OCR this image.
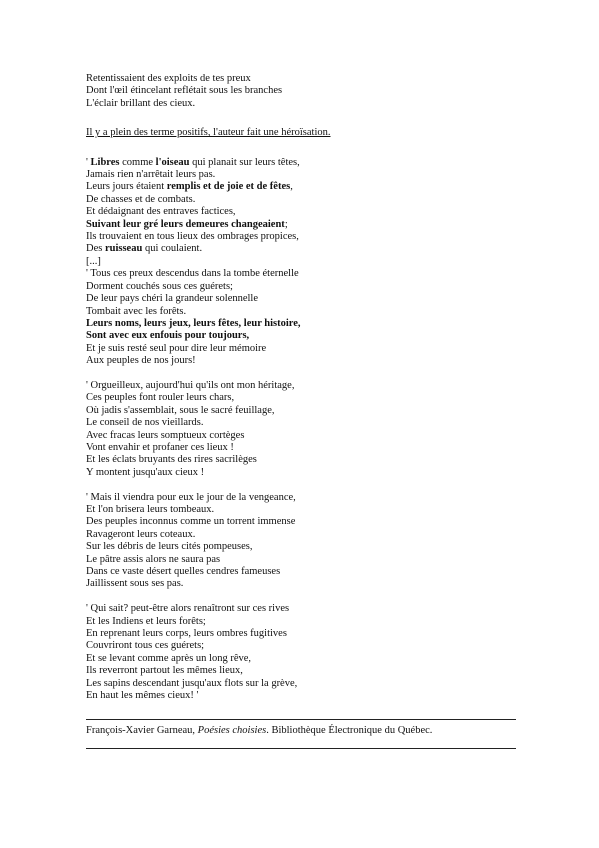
Retentissaient des exploits de tes preux
Dont l'œil étincelant reflétait sous les branches
L'éclair brillant des cieux.
Il y a plein des terme positifs, l'auteur fait une héroïsation.
' Libres comme l'oiseau qui planait sur leurs têtes,
Jamais rien n'arrêtait leurs pas.
Leurs jours étaient remplis et de joie et de fêtes,
De chasses et de combats.
Et dédaignant des entraves factices,
Suivant leur gré leurs demeures changeaient;
Ils trouvaient en tous lieux des ombrages propices,
Des ruisseau qui coulaient.
[...]
' Tous ces preux descendus dans la tombe éternelle
Dorment couchés sous ces guérets;
De leur pays chéri la grandeur solennelle
Tombait avec les forêts.
Leurs noms, leurs jeux, leurs fêtes, leur histoire,
Sont avec eux enfouis pour toujours,
Et je suis resté seul pour dire leur mémoire
Aux peuples de nos jours!
' Orgueilleux, aujourd'hui qu'ils ont mon héritage,
Ces peuples font rouler leurs chars,
Où jadis s'assemblait, sous le sacré feuillage,
Le conseil de nos vieillards.
Avec fracas leurs somptueux cortèges
Vont envahir et profaner ces lieux !
Et les éclats bruyants des rires sacrilèges
Y montent jusqu'aux cieux !
' Mais il viendra pour eux le jour de la vengeance,
Et l'on brisera leurs tombeaux.
Des peuples inconnus comme un torrent immense
Ravageront leurs coteaux.
Sur les débris de leurs cités pompeuses,
Le pâtre assis alors ne saura pas
Dans ce vaste désert quelles cendres fameuses
Jaillissent sous ses pas.
' Qui sait? peut-être alors renaîtront sur ces rives
Et les Indiens et leurs forêts;
En reprenant leurs corps, leurs ombres fugitives
Couvriront tous ces guérets;
Et se levant comme après un long rêve,
Ils reverront partout les mêmes lieux,
Les sapins descendant jusqu'aux flots sur la grève,
En haut les mêmes cieux! '
François-Xavier Garneau, Poésies choisies. Bibliothèque Électronique du Québec.
